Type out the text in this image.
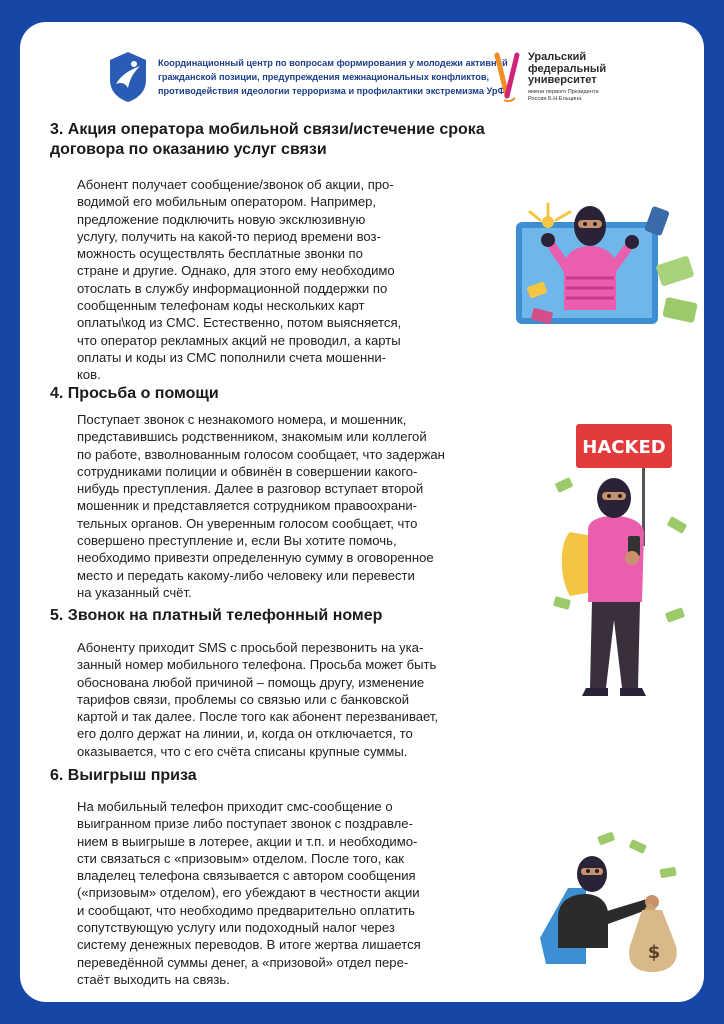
Координационный центр по вопросам формирования у молодежи активной
гражданской позиции, предупреждения межнациональных конфликтов,
противодействия идеологии терроризма и профилактики экстремизма УрФУ
Уральский
федеральный
университет
имени первого Президента
России Б.Н.Ельцина
3. Акция оператора мобильной связи/истечение срока
договора по оказанию услуг связи
Абонент получает сообщение/звонок об акции, про-
водимой его мобильным оператором. Например,
предложение подключить новую эксклюзивную
услугу, получить на какой-то период времени воз-
можность осуществлять бесплатные звонки по
стране и другие. Однако, для этого ему необходимо
отослать в службу информационной поддержки по
сообщенным телефонам коды нескольких карт
оплаты\код из СМС. Естественно, потом выясняется,
что оператор рекламных акций не проводил, а карты
оплаты и коды из СМС пополнили счета мошенни-
ков.
4. Просьба о помощи
Поступает звонок с незнакомого номера, и мошенник,
представившись родственником, знакомым или коллегой
по работе, взволнованным голосом сообщает, что задержан
сотрудниками полиции и обвинён в совершении какого-
нибудь преступления. Далее в разговор вступает второй
мошенник и представляется сотрудником правоохрани-
тельных органов. Он уверенным голосом сообщает, что
совершено преступление и, если Вы хотите помочь,
необходимо привезти определенную сумму в оговоренное
место и передать какому-либо человеку или перевести
на указанный счёт.
HACKED
5. Звонок на платный телефонный номер
Абоненту приходит SMS с просьбой перезвонить на ука-
занный номер мобильного телефона. Просьба может быть
обоснована любой причиной – помощь другу, изменение
тарифов связи, проблемы со связью или с банковской
картой и так далее. После того как абонент перезванивает,
его долго держат на линии, и, когда он отключается, то
оказывается, что с его счёта списаны крупные суммы.
6. Выигрыш приза
На мобильный телефон приходит смс-сообщение о
выигранном призе либо поступает звонок с поздравле-
нием в выигрыше в лотерее, акции и т.п. и необходимо-
сти связаться с «призовым» отделом. После того, как
владелец телефона связывается с автором сообщения
(«призовым» отделом), его убеждают в честности акции
и сообщают, что необходимо предварительно оплатить
сопутствующую услугу или подоходный налог через
систему денежных переводов. В итоге жертва лишается
переведённой суммы денег, а «призовой» отдел пере-
стаёт выходить на связь.
$
